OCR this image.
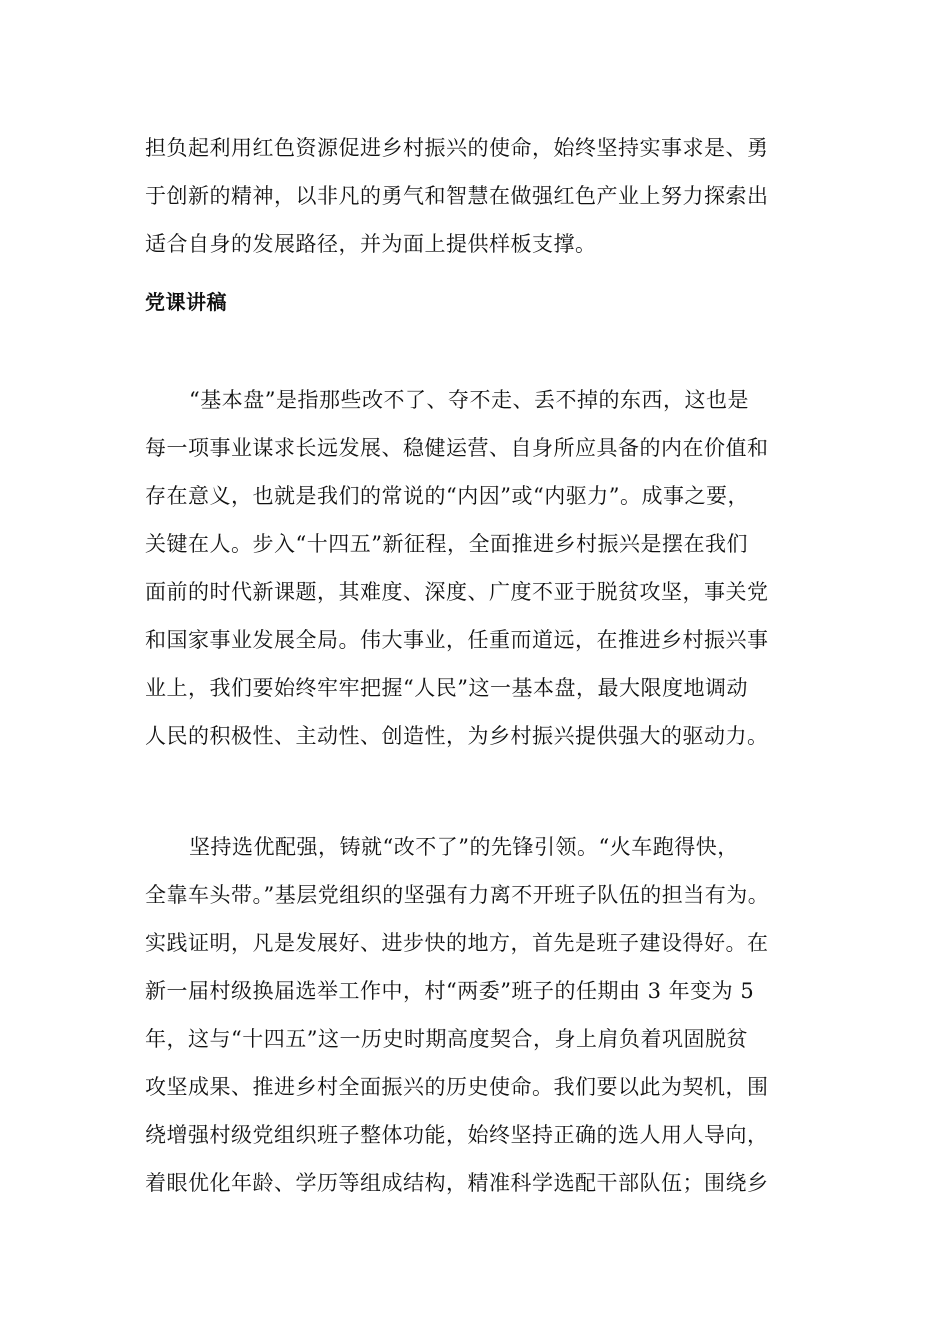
担负起利用红色资源促进乡村振兴的使命，始终坚持实事求是、勇
于创新的精神，以非凡的勇气和智慧在做强红色产业上努力探索出
适合自身的发展路径，并为面上提供样板支撑。
党课讲稿
“基本盘”是指那些改不了、夺不走、丢不掉的东西，这也是
每一项事业谋求长远发展、稳健运营、自身所应具备的内在价值和
存在意义，也就是我们的常说的“内因”或“内驱力”。成事之要，
关键在人。步入“十四五”新征程，全面推进乡村振兴是摆在我们
面前的时代新课题，其难度、深度、广度不亚于脱贫攻坚，事关党
和国家事业发展全局。伟大事业，任重而道远，在推进乡村振兴事
业上，我们要始终牢牢把握“人民”这一基本盘，最大限度地调动
人民的积极性、主动性、创造性，为乡村振兴提供强大的驱动力。
坚持选优配强，铸就“改不了”的先锋引领。“火车跑得快，
全靠车头带。”基层党组织的坚强有力离不开班子队伍的担当有为。
实践证明，凡是发展好、进步快的地方，首先是班子建设得好。在
新一届村级换届选举工作中，村“两委”班子的任期由 3 年变为 5
年，这与“十四五”这一历史时期高度契合，身上肩负着巩固脱贫
攻坚成果、推进乡村全面振兴的历史使命。我们要以此为契机，围
绕增强村级党组织班子整体功能，始终坚持正确的选人用人导向，
着眼优化年龄、学历等组成结构，精准科学选配干部队伍；围绕乡
